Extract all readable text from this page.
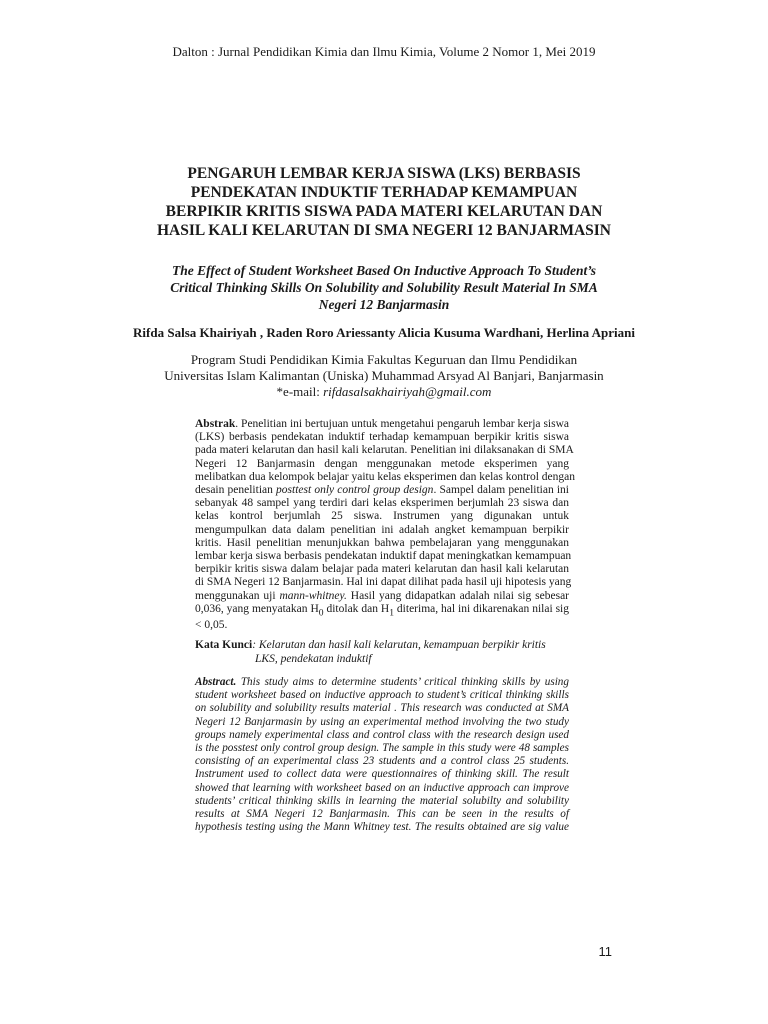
Dalton : Jurnal Pendidikan Kimia dan Ilmu Kimia, Volume 2 Nomor 1, Mei 2019
PENGARUH LEMBAR KERJA SISWA (LKS) BERBASIS
PENDEKATAN INDUKTIF TERHADAP KEMAMPUAN
BERPIKIR KRITIS SISWA PADA MATERI KELARUTAN DAN
HASIL KALI KELARUTAN DI SMA NEGERI 12 BANJARMASIN
The Effect of Student Worksheet Based On Inductive Approach To Student’s
Critical Thinking Skills On Solubility and Solubility Result Material In SMA
Negeri 12 Banjarmasin
Rifda Salsa Khairiyah , Raden Roro Ariessanty Alicia Kusuma Wardhani, Herlina Apriani
Program Studi Pendidikan Kimia Fakultas Keguruan dan Ilmu Pendidikan
Universitas Islam Kalimantan (Uniska) Muhammad Arsyad Al Banjari, Banjarmasin
*e-mail: rifdasalsakhairiyah@gmail.com
Abstrak. Penelitian ini bertujuan untuk mengetahui pengaruh lembar kerja siswa
(LKS) berbasis pendekatan induktif terhadap kemampuan berpikir kritis siswa
pada materi kelarutan dan hasil kali kelarutan. Penelitian ini dilaksanakan di SMA
Negeri 12 Banjarmasin dengan menggunakan metode eksperimen yang
melibatkan dua kelompok belajar yaitu kelas eksperimen dan kelas kontrol dengan
desain penelitian posttest only control group design. Sampel dalam penelitian ini
sebanyak 48 sampel yang terdiri dari kelas eksperimen berjumlah 23 siswa dan
kelas kontrol berjumlah 25 siswa. Instrumen yang digunakan untuk
mengumpulkan data dalam penelitian ini adalah angket kemampuan berpikir
kritis. Hasil penelitian menunjukkan bahwa pembelajaran yang menggunakan
lembar kerja siswa berbasis pendekatan induktif dapat meningkatkan kemampuan
berpikir kritis siswa dalam belajar pada materi kelarutan dan hasil kali kelarutan
di SMA Negeri 12 Banjarmasin. Hal ini dapat dilihat pada hasil uji hipotesis yang
menggunakan uji mann-whitney. Hasil yang didapatkan adalah nilai sig sebesar
0,036, yang menyatakan $H_0$ ditolak dan $H_1$ diterima, hal ini dikarenakan nilai sig
< 0,05.
Kata Kunci: Kelarutan dan hasil kali kelarutan, kemampuan berpikir kritis
LKS, pendekatan induktif
Abstract. This study aims to determine students’ critical thinking skills by using
student worksheet based on inductive approach to student’s critical thinking skills
on solubility and solubility results material . This research was conducted at SMA
Negeri 12 Banjarmasin by using an experimental method involving the two study
groups namely experimental class and control class with the research design used
is the posstest only control group design. The sample in this study were 48 samples
consisting of an experimental class 23 students and a control class 25 students.
Instrument used to collect data were questionnaires of thinking skill. The result
showed that learning with worksheet based on an inductive approach can improve
students’ critical thinking skills in learning the material solubilty and solubility
results at SMA Negeri 12 Banjarmasin. This can be seen in the results of
hypothesis testing using the Mann Whitney test. The results obtained are sig value
11
